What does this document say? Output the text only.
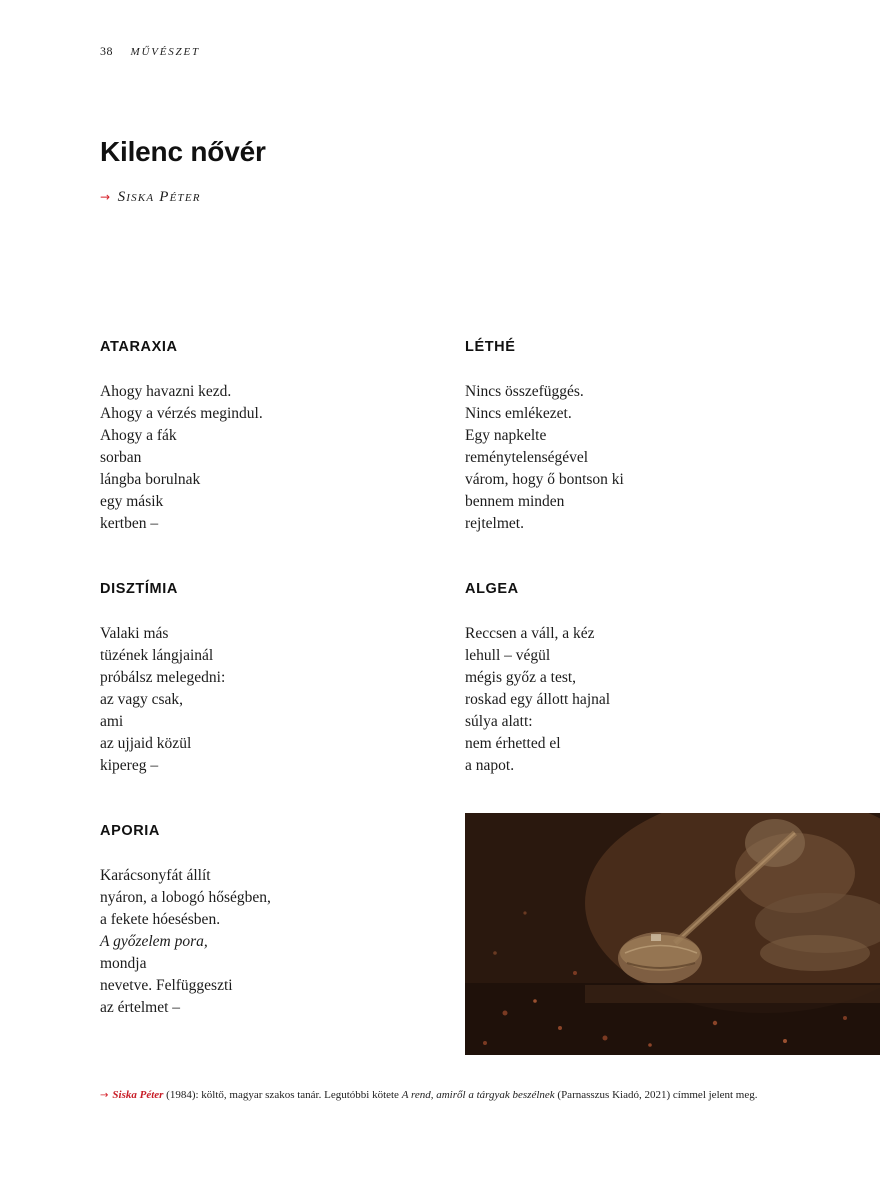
38 MŰVÉSZET
Kilenc nővér
→ Siska Péter
ATARAXIA
Ahogy havazni kezd.
Ahogy a vérzés megindul.
Ahogy a fák
sorban
lángba borulnak
egy másik
kertben –
LÉTHÉ
Nincs összefüggés.
Nincs emlékezet.
Egy napkelte
reménytelenségével
várom, hogy ő bontson ki
bennem minden
rejtelmet.
DISZTÍMIA
Valaki más
tüzének lángjainál
próbálsz melegedni:
az vagy csak,
ami
az ujjaid közül
kipereg –
ALGEA
Reccsen a váll, a kéz
lehull – végül
mégis győz a test,
roskad egy állott hajnal
súlya alatt:
nem érhetted el
a napot.
APORIA
Karácsonyfát állít
nyáron, a lobogó hőségben,
a fekete hóesésben.
A győzelem pora,
mondja
nevetve. Felfüggeszti
az értelmet –
→ Siska Péter (1984): költő, magyar szakos tanár. Legutóbbi kötete A rend, amiről a tárgyak beszélnek (Parnasszus Kiadó, 2021) címmel jelent meg.
